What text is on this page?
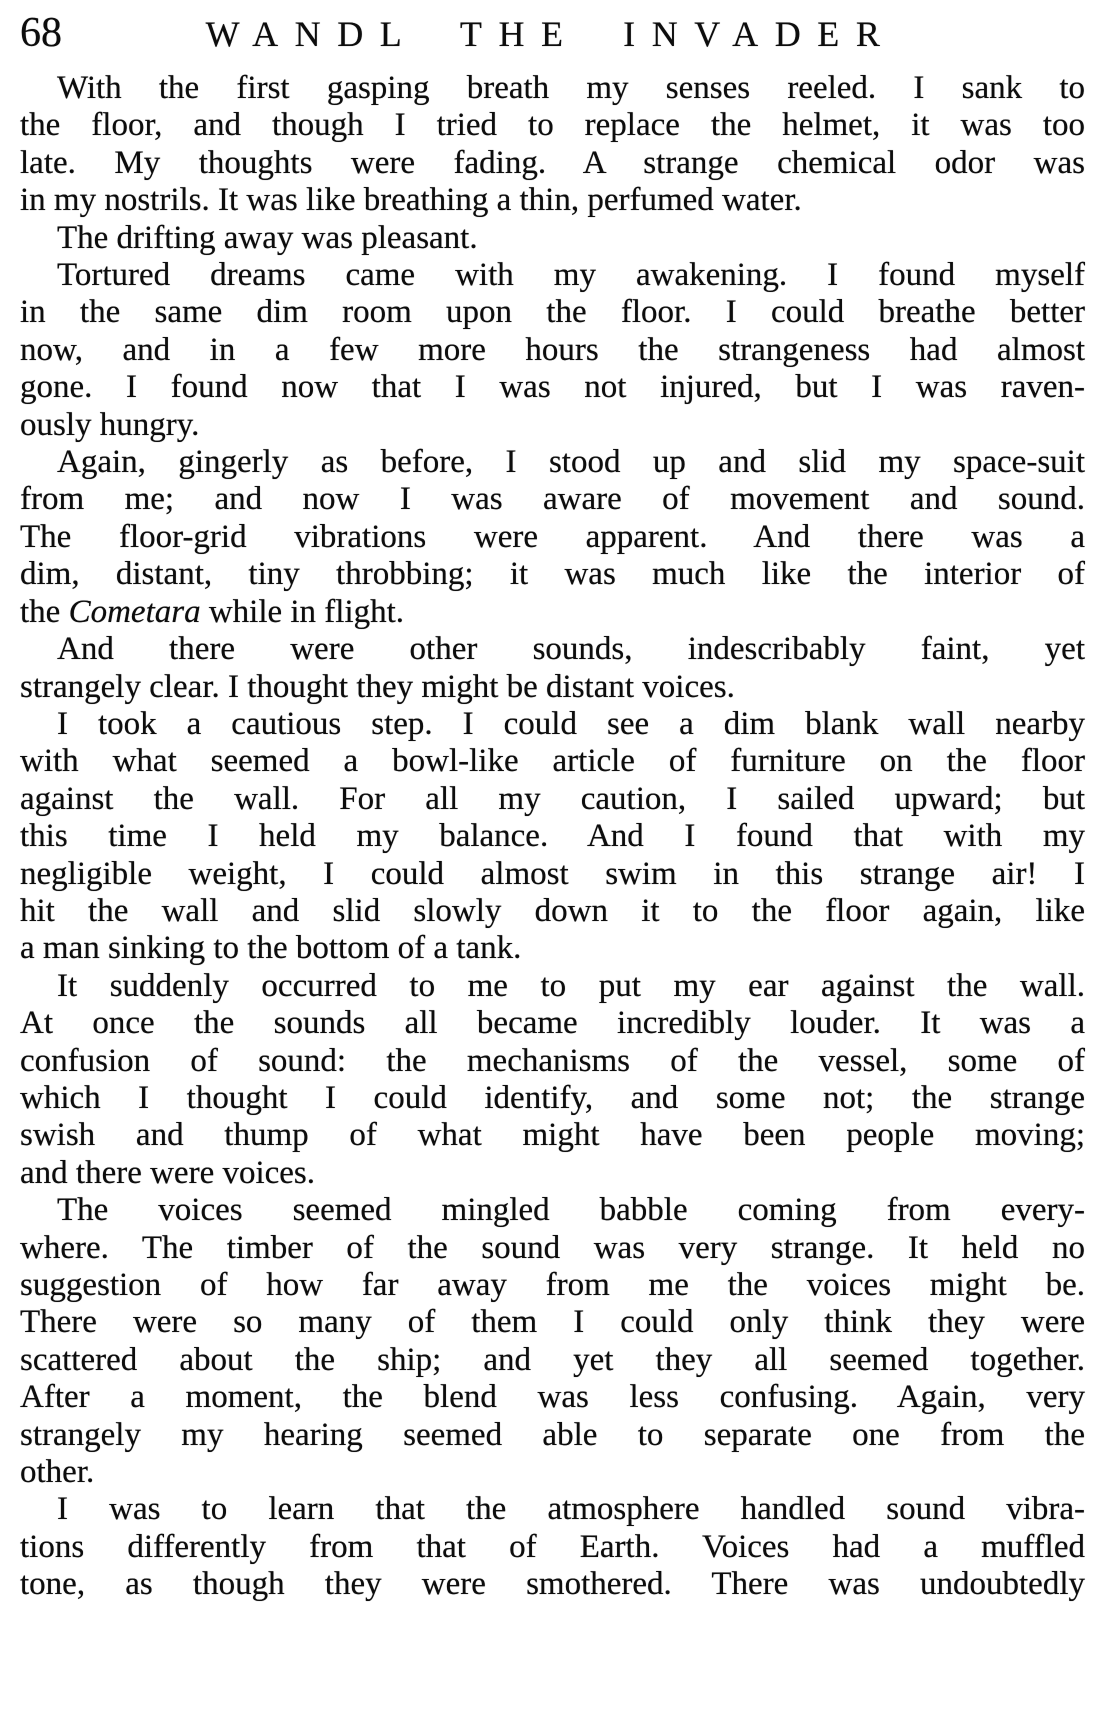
68	WANDL THE INVADER

With the first gasping breath my senses reeled. I sank to
the floor, and though I tried to replace the helmet, it was too
late. My thoughts were fading. A strange chemical odor was
in my nostrils. It was like breathing a thin, perfumed water.

The drifting away was pleasant.

Tortured dreams came with my awakening. I found myself
in the same dim room upon the floor. I could breathe better
now, and in a few more hours the strangeness had almost
gone. I found now that I was not injured, but I was raven-
ously hungry.

Again, gingerly as before, I stood up and slid my space-suit
from me; and now I was aware of movement and sound.
The floor-grid vibrations were apparent. And there was a
dim, distant, tiny throbbing; it was much like the interior of
the Cometara while in flight.

And there were other sounds, indescribably faint, yet
strangely clear. I thought they might be distant voices.

I took a cautious step. I could see a dim blank wall nearby
with what seemed a bowl-like article of furniture on the floor
against the wall. For all my caution, I sailed upward; but
this time I held my balance. And I found that with my
negligible weight, I could almost swim in this strange air! I
hit the wall and slid slowly down it to the floor again, like
a man sinking to the bottom of a tank.

It suddenly occurred to me to put my ear against the wall.
At once the sounds all became incredibly louder. It was a
confusion of sound: the mechanisms of the vessel, some of
which I thought I could identify, and some not; the strange
swish and thump of what might have been people moving;
and there were voices.

The voices seemed mingled babble coming from every-
where. The timber of the sound was very strange. It held no
suggestion of how far away from me the voices might be.
There were so many of them I could only think they were
scattered about the ship; and yet they all seemed together.
After a moment, the blend was less confusing. Again, very
strangely my hearing seemed able to separate one from the
other.

I was to learn that the atmosphere handled sound vibra-
tions differently from that of Earth. Voices had a muffled
tone, as though they were smothered. There was undoubtedly
